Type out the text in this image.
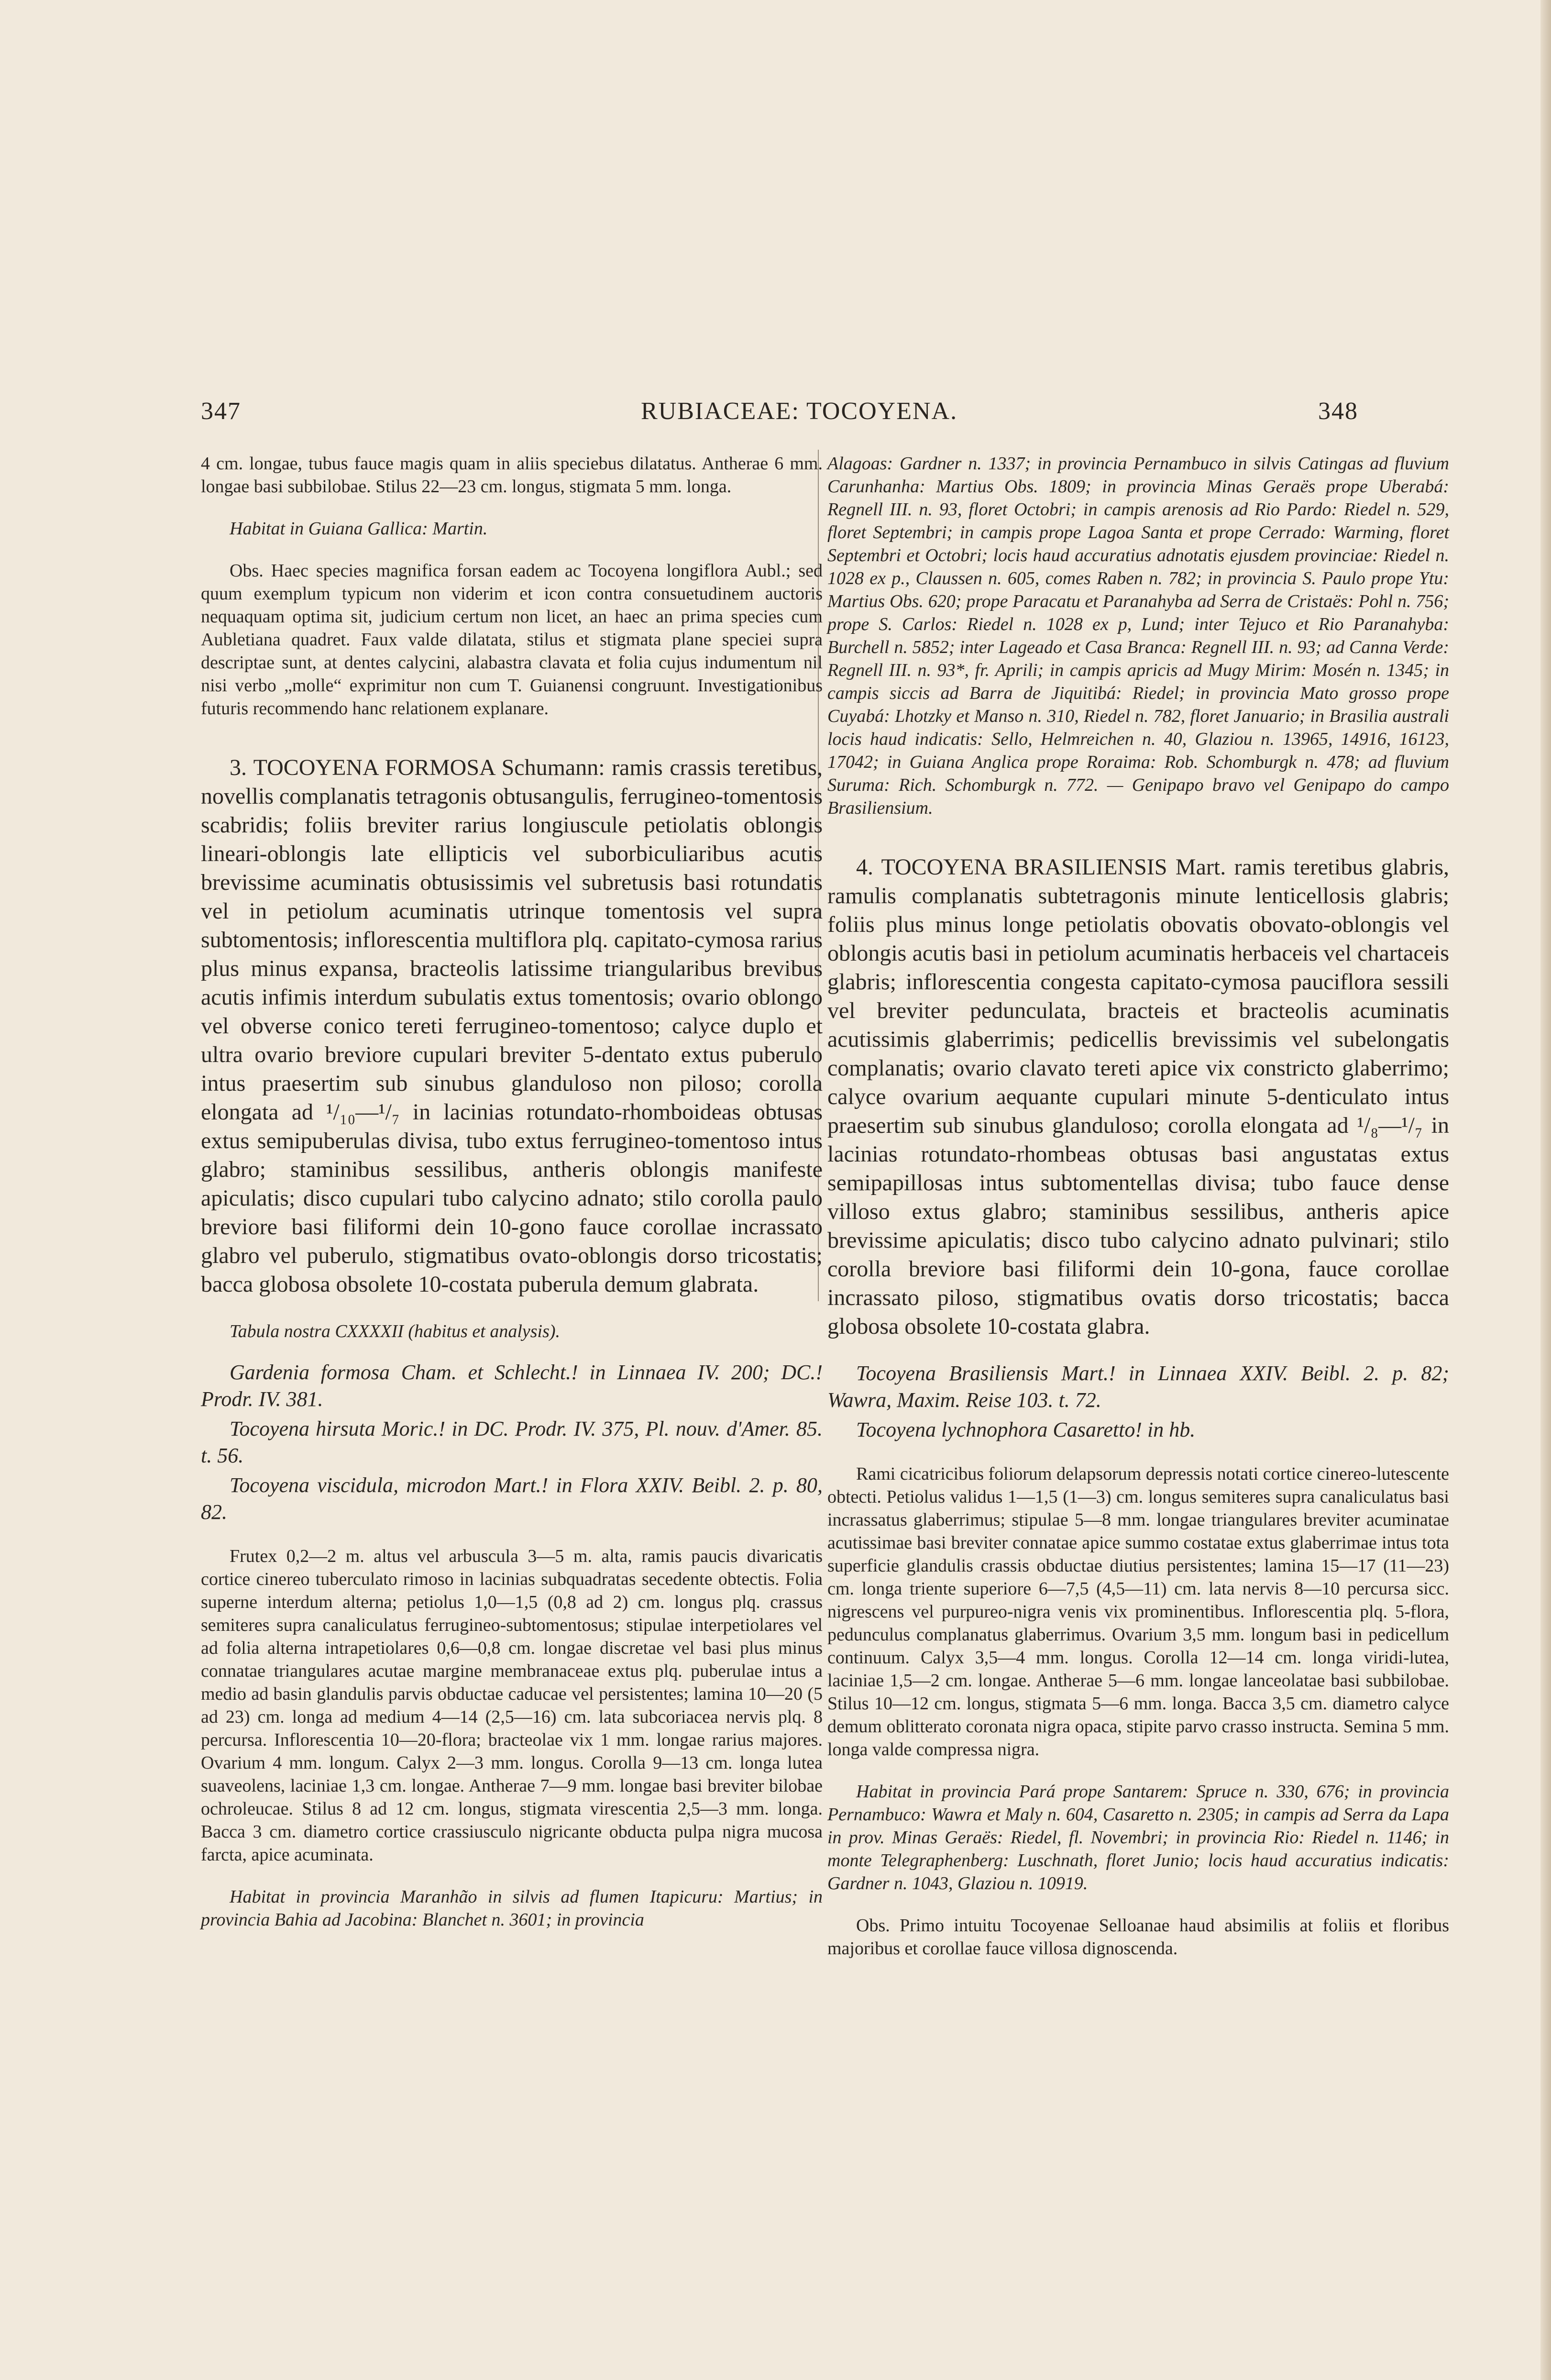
347	RUBIACEAE: TOCOYENA.	348

4 cm. longae, tubus fauce magis quam in aliis speciebus dilatatus. Antherae 6 mm. longae basi subbilobae. Stilus 22—23 cm. longus, stigmata 5 mm. longa.

Habitat in Guiana Gallica: Martin.

Obs. Haec species magnifica forsan eadem ac Tocoyena longiflora Aubl.; sed quum exemplum typicum non viderim et icon contra consuetudinem auctoris nequaquam optima sit, judicium certum non licet, an haec an prima species cum Aubletiana quadret. Faux valde dilatata, stilus et stigmata plane speciei supra descriptae sunt, at dentes calycini, alabastra clavata et folia cujus indumentum nil nisi verbo „molle“ exprimitur non cum T. Guianensi congruunt. Investigationibus futuris recommendo hanc relationem explanare.

3. TOCOYENA FORMOSA Schumann: ramis crassis teretibus, novellis complanatis tetragonis obtusangulis, ferrugineo-tomentosis scabridis; foliis breviter rarius longiuscule petiolatis oblongis lineari-oblongis late ellipticis vel suborbiculiaribus acutis brevissime acuminatis obtusissimis vel subretusis basi rotundatis vel in petiolum acuminatis utrinque tomentosis vel supra subtomentosis; inflorescentia multiflora plq. capitato-cymosa rarius plus minus expansa, bracteolis latissime triangularibus brevibus acutis infimis interdum subulatis extus tomentosis; ovario oblongo vel obverse conico tereti ferrugineo-tomentoso; calyce duplo et ultra ovario breviore cupulari breviter 5-dentato extus puberulo intus praesertim sub sinubus glanduloso non piloso; corolla elongata ad ¹/₁₀—¹/₇ in lacinias rotundato-rhomboideas obtusas extus semipuberulas divisa, tubo extus ferrugineo-tomentoso intus glabro; staminibus sessilibus, antheris oblongis manifeste apiculatis; disco cupulari tubo calycino adnato; stilo corolla paulo breviore basi filiformi dein 10-gono fauce corollae incrassato glabro vel puberulo, stigmatibus ovato-oblongis dorso tricostatis; bacca globosa obsolete 10-costata puberula demum glabrata.

Tabula nostra CXXXXII (habitus et analysis).

Gardenia formosa Cham. et Schlecht.! in Linnaea IV. 200; DC.! Prodr. IV. 381.

Tocoyena hirsuta Moric.! in DC. Prodr. IV. 375, Pl. nouv. d'Amer. 85. t. 56.

Tocoyena viscidula, microdon Mart.! in Flora XXIV. Beibl. 2. p. 80, 82.

Frutex 0,2—2 m. altus vel arbuscula 3—5 m. alta, ramis paucis divaricatis cortice cinereo tuberculato rimoso in lacinias subquadratas secedente obtectis. Folia superne interdum alterna; petiolus 1,0—1,5 (0,8 ad 2) cm. longus plq. crassus semiteres supra canaliculatus ferrugineo-subtomentosus; stipulae interpetiolares vel ad folia alterna intrapetiolares 0,6—0,8 cm. longae discretae vel basi plus minus connatae triangulares acutae margine membranaceae extus plq. puberulae intus a medio ad basin glandulis parvis obductae caducae vel persistentes; lamina 10—20 (5 ad 23) cm. longa ad medium 4—14 (2,5—16) cm. lata subcoriacea nervis plq. 8 percursa. Inflorescentia 10—20-flora; bracteolae vix 1 mm. longae rarius majores. Ovarium 4 mm. longum. Calyx 2—3 mm. longus. Corolla 9—13 cm. longa lutea suaveolens, laciniae 1,3 cm. longae. Antherae 7—9 mm. longae basi breviter bilobae ochroleucae. Stilus 8 ad 12 cm. longus, stigmata virescentia 2,5—3 mm. longa. Bacca 3 cm. diametro cortice crassiusculo nigricante obducta pulpa nigra mucosa farcta, apice acuminata.

Habitat in provincia Maranhão in silvis ad flumen Itapicuru: Martius; in provincia Bahia ad Jacobina: Blanchet n. 3601; in provincia

Alagoas: Gardner n. 1337; in provincia Pernambuco in silvis Catingas ad fluvium Carunhanha: Martius Obs. 1809; in provincia Minas Geraës prope Uberabá: Regnell III. n. 93, floret Octobri; in campis arenosis ad Rio Pardo: Riedel n. 529, floret Septembri; in campis prope Lagoa Santa et prope Cerrado: Warming, floret Septembri et Octobri; locis haud accuratius adnotatis ejusdem provinciae: Riedel n. 1028 ex p., Claussen n. 605, comes Raben n. 782; in provincia S. Paulo prope Ytu: Martius Obs. 620; prope Paracatu et Paranahyba ad Serra de Cristaës: Pohl n. 756; prope S. Carlos: Riedel n. 1028 ex p, Lund; inter Tejuco et Rio Paranahyba: Burchell n. 5852; inter Lageado et Casa Branca: Regnell III. n. 93; ad Canna Verde: Regnell III. n. 93*, fr. Aprili; in campis apricis ad Mugy Mirim: Mosén n. 1345; in campis siccis ad Barra de Jiquitibá: Riedel; in provincia Mato grosso prope Cuyabá: Lhotzky et Manso n. 310, Riedel n. 782, floret Januario; in Brasilia australi locis haud indicatis: Sello, Helmreichen n. 40, Glaziou n. 13965, 14916, 16123, 17042; in Guiana Anglica prope Roraima: Rob. Schomburgk n. 478; ad fluvium Suruma: Rich. Schomburgk n. 772. — Genipapo bravo vel Genipapo do campo Brasiliensium.

4. TOCOYENA BRASILIENSIS Mart. ramis teretibus glabris, ramulis complanatis subtetragonis minute lenticellosis glabris; foliis plus minus longe petiolatis obovatis obovato-oblongis vel oblongis acutis basi in petiolum acuminatis herbaceis vel chartaceis glabris; inflorescentia congesta capitato-cymosa pauciflora sessili vel breviter pedunculata, bracteis et bracteolis acuminatis acutissimis glaberrimis; pedicellis brevissimis vel subelongatis complanatis; ovario clavato tereti apice vix constricto glaberrimo; calyce ovarium aequante cupulari minute 5-denticulato intus praesertim sub sinubus glanduloso; corolla elongata ad ¹/₈—¹/₇ in lacinias rotundato-rhombeas obtusas basi angustatas extus semipapillosas intus subtomentellas divisa; tubo fauce dense villoso extus glabro; staminibus sessilibus, antheris apice brevissime apiculatis; disco tubo calycino adnato pulvinari; stilo corolla breviore basi filiformi dein 10-gona, fauce corollae incrassato piloso, stigmatibus ovatis dorso tricostatis; bacca globosa obsolete 10-costata glabra.

Tocoyena Brasiliensis Mart.! in Linnaea XXIV. Beibl. 2. p. 82; Wawra, Maxim. Reise 103. t. 72.

Tocoyena lychnophora Casaretto! in hb.

Rami cicatricibus foliorum delapsorum depressis notati cortice cinereo-lutescente obtecti. Petiolus validus 1—1,5 (1—3) cm. longus semiteres supra canaliculatus basi incrassatus glaberrimus; stipulae 5—8 mm. longae triangulares breviter acuminatae acutissimae basi breviter connatae apice summo costatae extus glaberrimae intus tota superficie glandulis crassis obductae diutius persistentes; lamina 15—17 (11—23) cm. longa triente superiore 6—7,5 (4,5—11) cm. lata nervis 8—10 percursa sicc. nigrescens vel purpureo-nigra venis vix prominentibus. Inflorescentia plq. 5-flora, pedunculus complanatus glaberrimus. Ovarium 3,5 mm. longum basi in pedicellum continuum. Calyx 3,5—4 mm. longus. Corolla 12—14 cm. longa viridi-lutea, laciniae 1,5—2 cm. longae. Antherae 5—6 mm. longae lanceolatae basi subbilobae. Stilus 10—12 cm. longus, stigmata 5—6 mm. longa. Bacca 3,5 cm. diametro calyce demum oblitterato coronata nigra opaca, stipite parvo crasso instructa. Semina 5 mm. longa valde compressa nigra.

Habitat in provincia Pará prope Santarem: Spruce n. 330, 676; in provincia Pernambuco: Wawra et Maly n. 604, Casaretto n. 2305; in campis ad Serra da Lapa in prov. Minas Geraës: Riedel, fl. Novembri; in provincia Rio: Riedel n. 1146; in monte Telegraphenberg: Luschnath, floret Junio; locis haud accuratius indicatis: Gardner n. 1043, Glaziou n. 10919.

Obs. Primo intuitu Tocoyenae Selloanae haud absimilis at foliis et floribus majoribus et corollae fauce villosa dignoscenda.
